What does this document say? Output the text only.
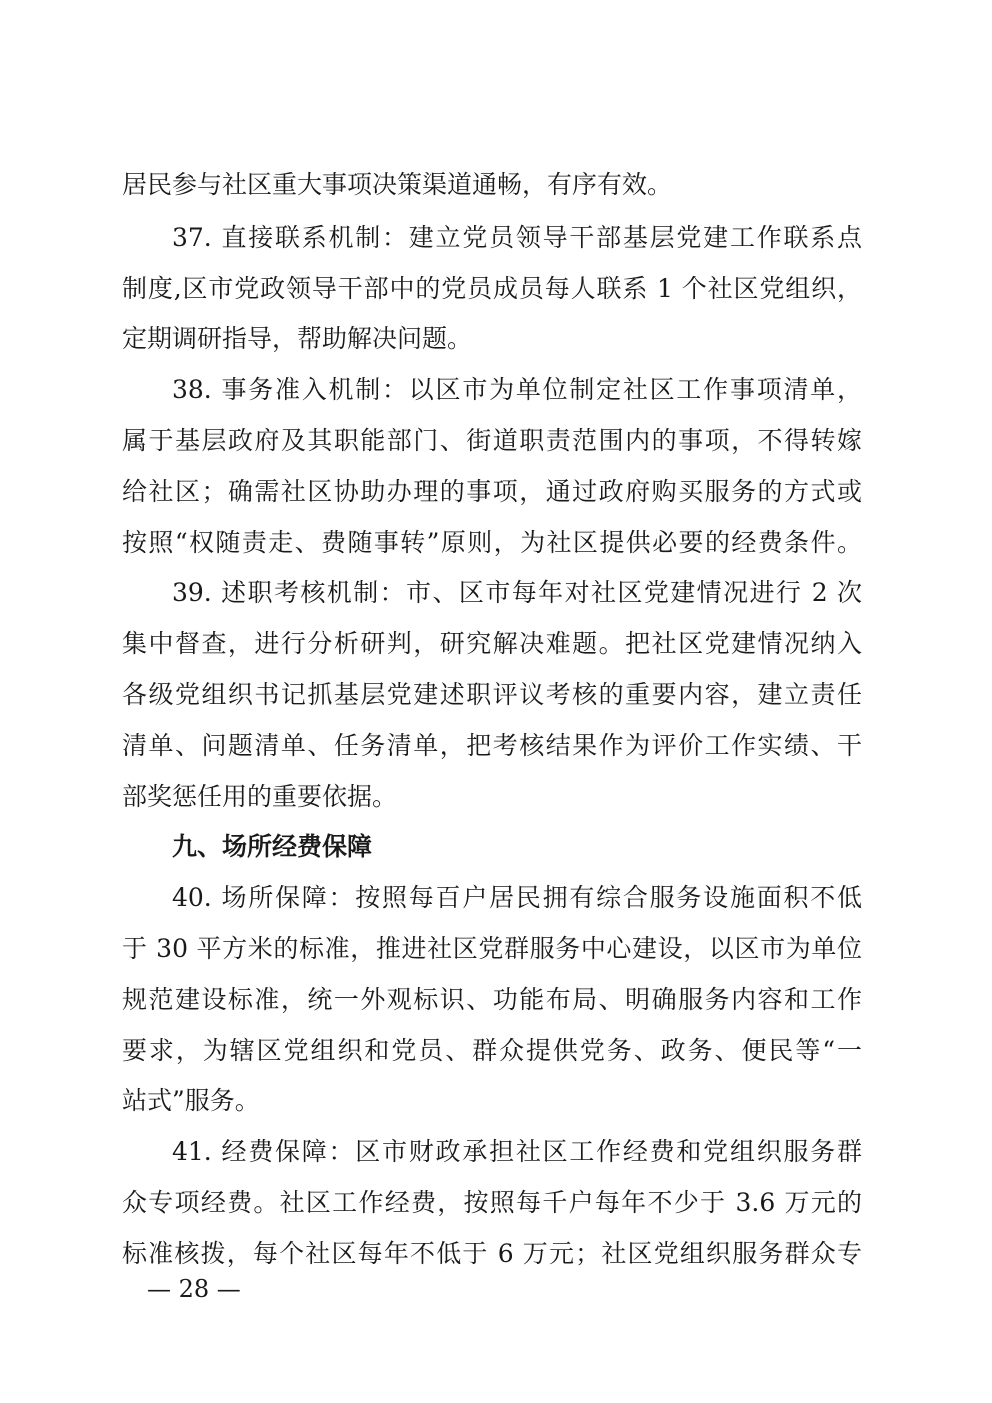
居民参与社区重大事项决策渠道通畅，有序有效。
37. 直接联系机制：建立党员领导干部基层党建工作联系点
制度,区市党政领导干部中的党员成员每人联系 1 个社区党组织，
定期调研指导，帮助解决问题。
38. 事务准入机制：以区市为单位制定社区工作事项清单，
属于基层政府及其职能部门、街道职责范围内的事项，不得转嫁
给社区；确需社区协助办理的事项，通过政府购买服务的方式或
按照“权随责走、费随事转”原则，为社区提供必要的经费条件。
39. 述职考核机制：市、区市每年对社区党建情况进行 2 次
集中督查，进行分析研判，研究解决难题。把社区党建情况纳入
各级党组织书记抓基层党建述职评议考核的重要内容，建立责任
清单、问题清单、任务清单，把考核结果作为评价工作实绩、干
部奖惩任用的重要依据。
九、场所经费保障
40. 场所保障：按照每百户居民拥有综合服务设施面积不低
于 30 平方米的标准，推进社区党群服务中心建设，以区市为单位
规范建设标准，统一外观标识、功能布局、明确服务内容和工作
要求，为辖区党组织和党员、群众提供党务、政务、便民等“一
站式”服务。
41. 经费保障：区市财政承担社区工作经费和党组织服务群
众专项经费。社区工作经费，按照每千户每年不少于 3.6 万元的
标准核拨，每个社区每年不低于 6 万元；社区党组织服务群众专
— 28 —
